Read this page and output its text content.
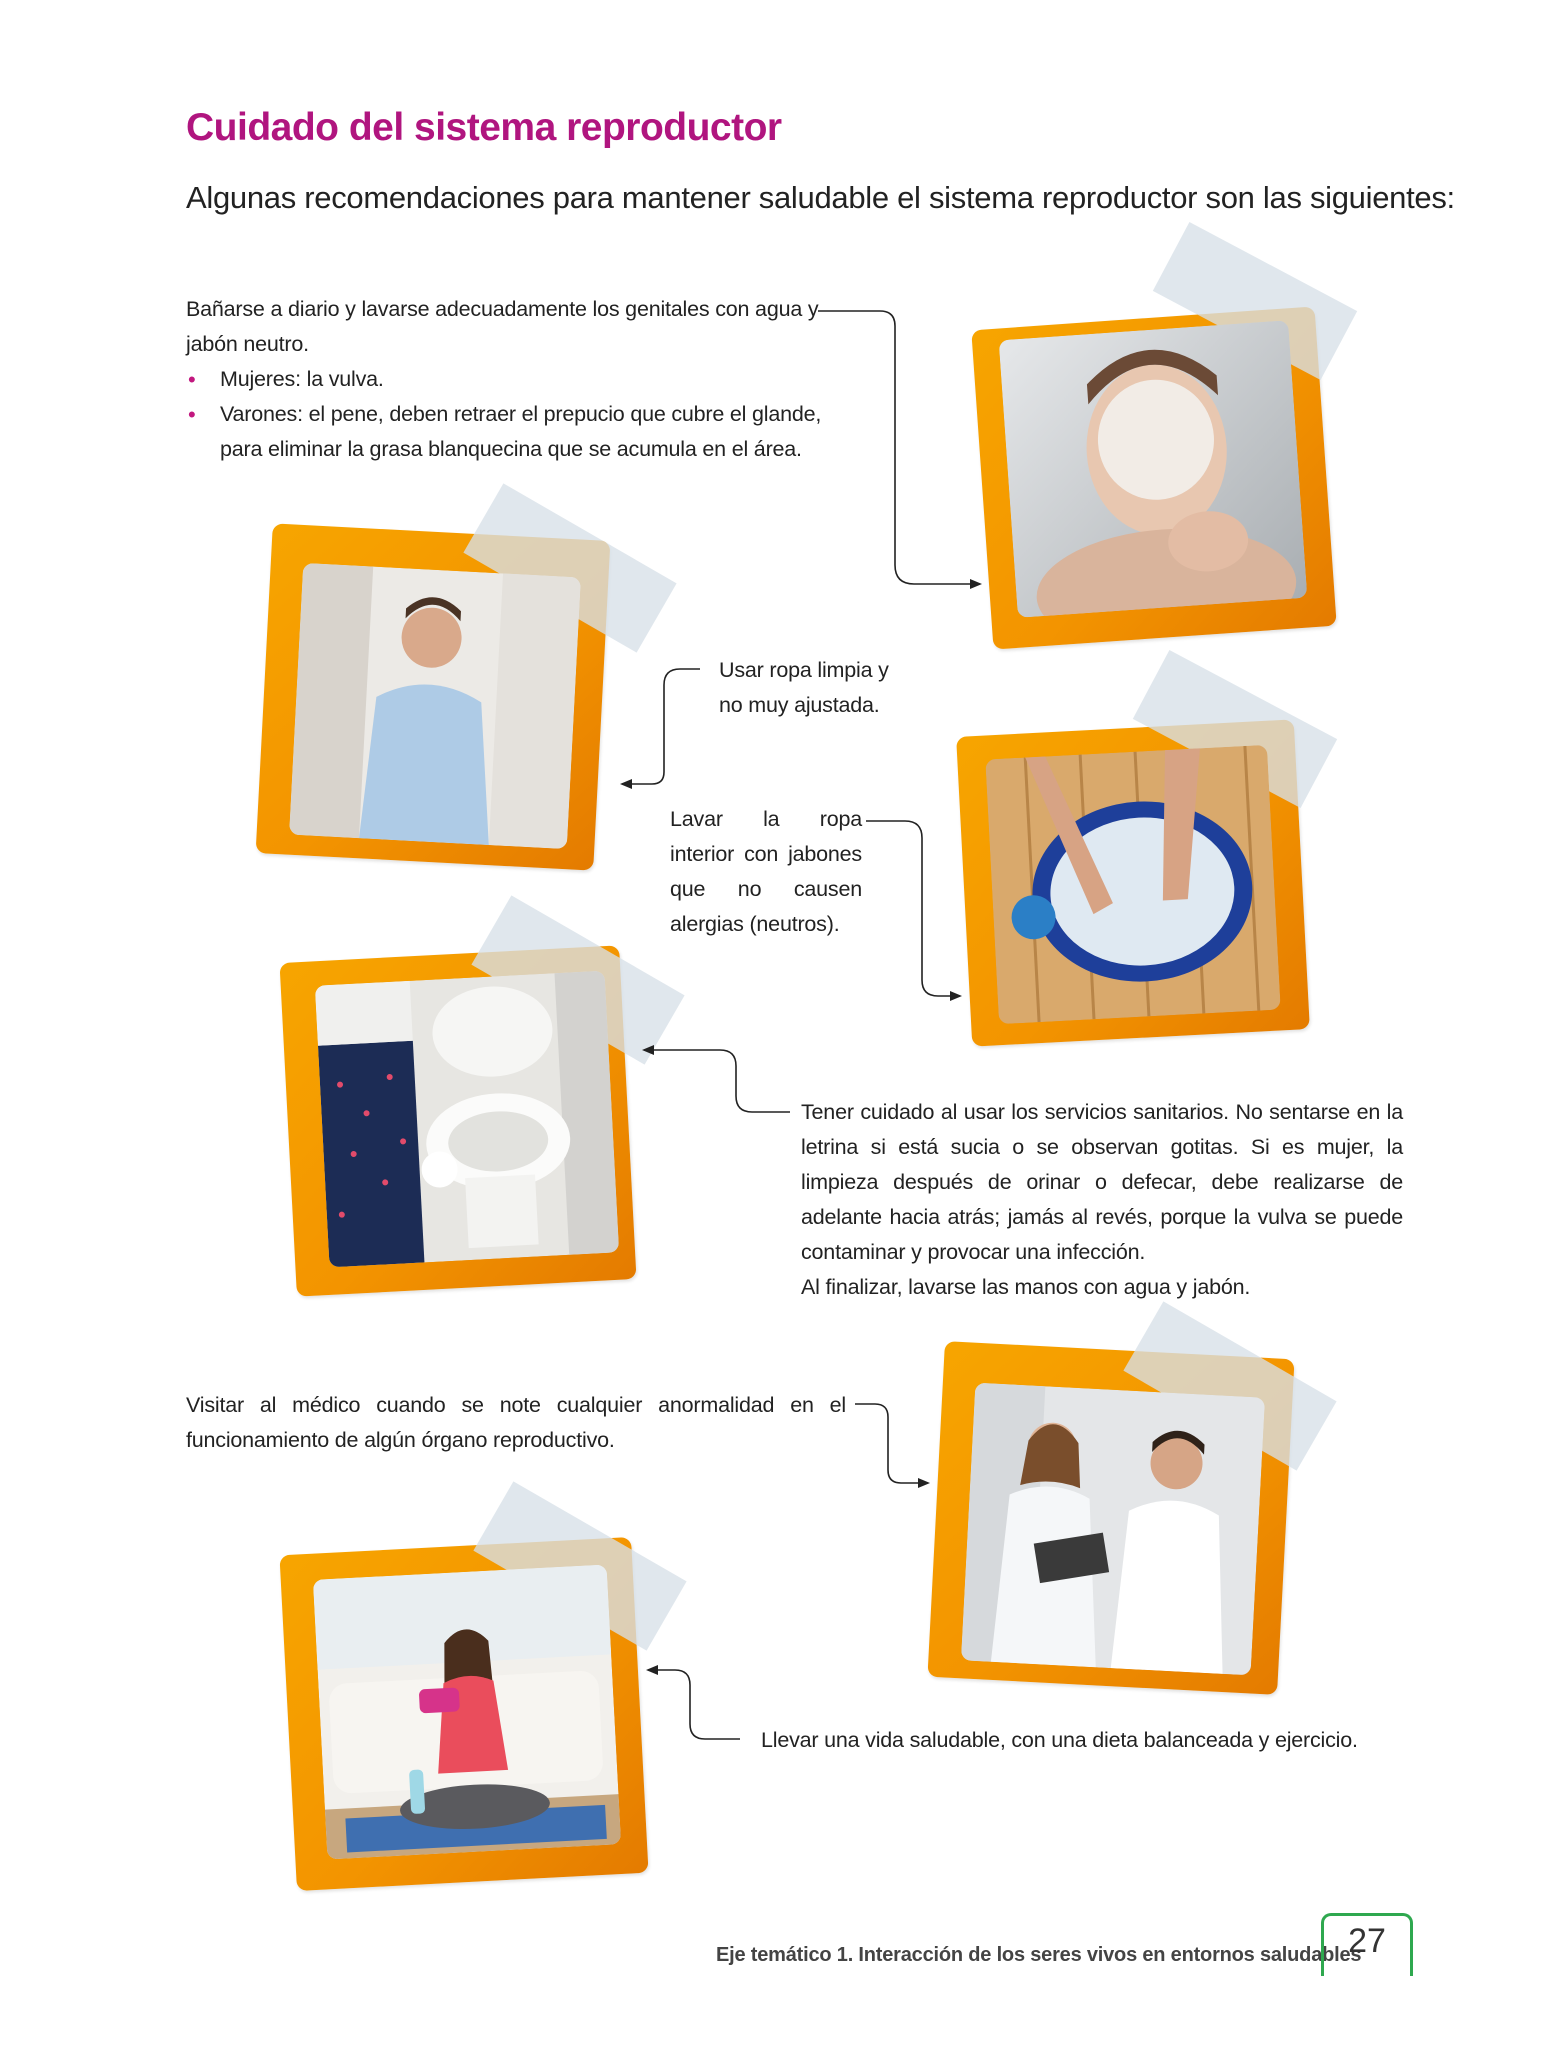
Cuidado del sistema reproductor
Algunas recomendaciones para mantener saludable el sistema reproductor son las siguientes:

Bañarse a diario y lavarse adecuadamente los genitales con agua y jabón neutro.

• Mujeres: la vulva.
• Varones: el pene, deben retraer el prepucio que cubre el glande, para eliminar la grasa blanquecina que se acumula en el área.
Usar ropa limpia y no muy ajustada.
Lavar la ropa interior con jabones que no causen alergias (neutros).

Tener cuidado al usar los servicios sanitarios. No sentarse en la letrina si está sucia o se observan gotitas. Si es mujer, la limpieza después de orinar o defecar, debe realizarse de adelante hacia atrás; jamás al revés, porque la vulva se puede contaminar y provocar una infección.

Al finalizar, lavarse las manos con agua y jabón.

Visitar al médico cuando se note cualquier anormalidad en el funcionamiento de algún órgano reproductivo.
Llevar una vida saludable, con una dieta balanceada y ejercicio.
Eje temático 1. Interacción de los seres vivos en entornos saludables
27
